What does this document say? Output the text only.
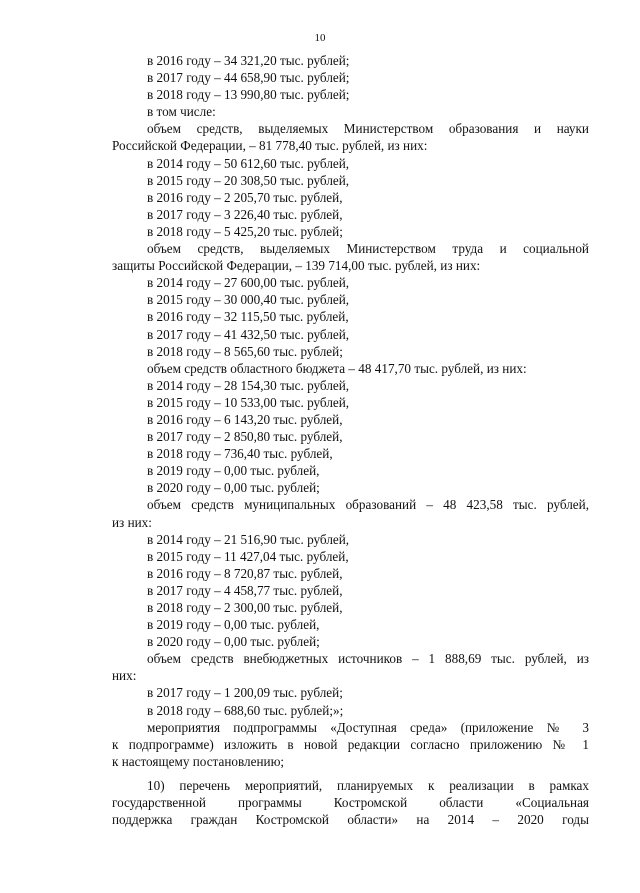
10
в 2016 году – 34 321,20 тыс. рублей;
в 2017 году – 44 658,90 тыс. рублей;
в 2018 году – 13 990,80 тыс. рублей;
в том числе:
объем средств, выделяемых Министерством образования и науки
Российской Федерации, – 81 778,40 тыс. рублей, из них:
в 2014 году – 50 612,60 тыс. рублей,
в 2015 году – 20 308,50 тыс. рублей,
в 2016 году – 2 205,70 тыс. рублей,
в 2017 году – 3 226,40 тыс. рублей,
в 2018 году – 5 425,20 тыс. рублей;
объем средств, выделяемых Министерством труда и социальной
защиты Российской Федерации, – 139 714,00 тыс. рублей, из них:
в 2014 году – 27 600,00 тыс. рублей,
в 2015 году – 30 000,40 тыс. рублей,
в 2016 году – 32 115,50 тыс. рублей,
в 2017 году – 41 432,50 тыс. рублей,
в 2018 году – 8 565,60 тыс. рублей;
объем средств областного бюджета – 48 417,70 тыс. рублей, из них:
в 2014 году – 28 154,30 тыс. рублей,
в 2015 году – 10 533,00 тыс. рублей,
в 2016 году – 6 143,20 тыс. рублей,
в 2017 году – 2 850,80 тыс. рублей,
в 2018 году – 736,40 тыс. рублей,
в 2019 году – 0,00 тыс. рублей,
в 2020 году – 0,00 тыс. рублей;
объем средств муниципальных образований – 48 423,58 тыс. рублей,
из них:
в 2014 году – 21 516,90 тыс. рублей,
в 2015 году – 11 427,04 тыс. рублей,
в 2016 году – 8 720,87 тыс. рублей,
в 2017 году – 4 458,77 тыс. рублей,
в 2018 году – 2 300,00 тыс. рублей,
в 2019 году – 0,00 тыс. рублей,
в 2020 году – 0,00 тыс. рублей;
объем средств внебюджетных источников – 1 888,69 тыс. рублей, из
них:
в 2017 году – 1 200,09 тыс. рублей;
в 2018 году – 688,60 тыс. рублей;»;
мероприятия подпрограммы «Доступная среда» (приложение № 3
к подпрограмме) изложить в новой редакции согласно приложению № 1
к настоящему постановлению;
10) перечень мероприятий, планируемых к реализации в рамках
государственной программы Костромской области «Социальная
поддержка граждан Костромской области» на 2014 – 2020 годы
